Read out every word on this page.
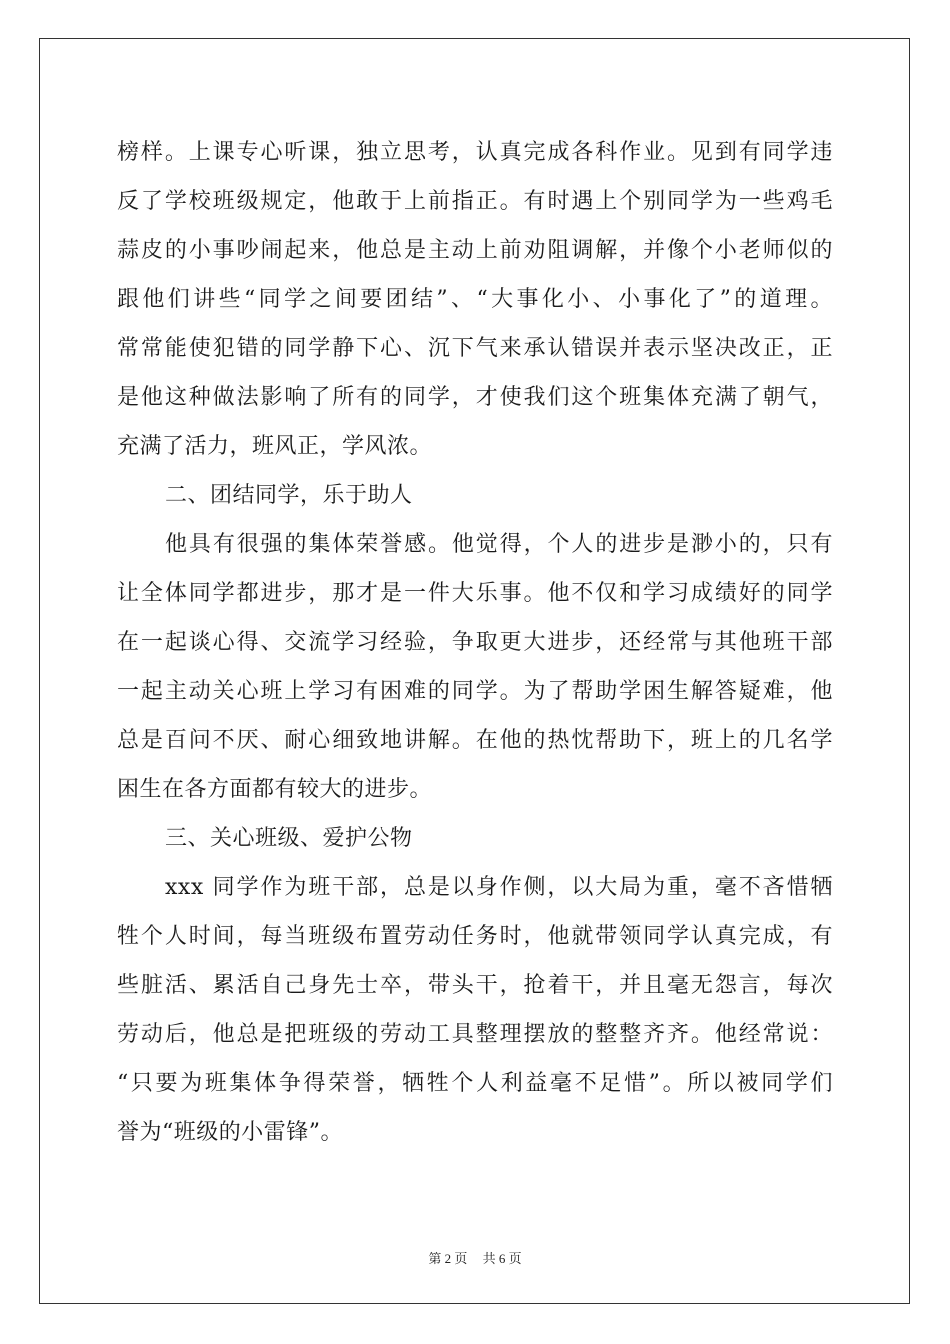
榜样。上课专心听课，独立思考，认真完成各科作业。见到有同学违
反了学校班级规定，他敢于上前指正。有时遇上个别同学为一些鸡毛
蒜皮的小事吵闹起来，他总是主动上前劝阻调解，并像个小老师似的
跟他们讲些“同学之间要团结”、“大事化小、小事化了”的道理。
常常能使犯错的同学静下心、沉下气来承认错误并表示坚决改正，正
是他这种做法影响了所有的同学，才使我们这个班集体充满了朝气，
充满了活力，班风正，学风浓。
二、团结同学，乐于助人
他具有很强的集体荣誉感。他觉得，个人的进步是渺小的，只有
让全体同学都进步，那才是一件大乐事。他不仅和学习成绩好的同学
在一起谈心得、交流学习经验，争取更大进步，还经常与其他班干部
一起主动关心班上学习有困难的同学。为了帮助学困生解答疑难，他
总是百问不厌、耐心细致地讲解。在他的热忱帮助下，班上的几名学
困生在各方面都有较大的进步。
三、关心班级、爱护公物
xxx 同学作为班干部，总是以身作侧，以大局为重，毫不吝惜牺
牲个人时间，每当班级布置劳动任务时，他就带领同学认真完成，有
些脏活、累活自己身先士卒，带头干，抢着干，并且毫无怨言，每次
劳动后，他总是把班级的劳动工具整理摆放的整整齐齐。他经常说：
“只要为班集体争得荣誉，牺牲个人利益毫不足惜”。所以被同学们
誉为“班级的小雷锋”。
第 2 页 共 6 页
